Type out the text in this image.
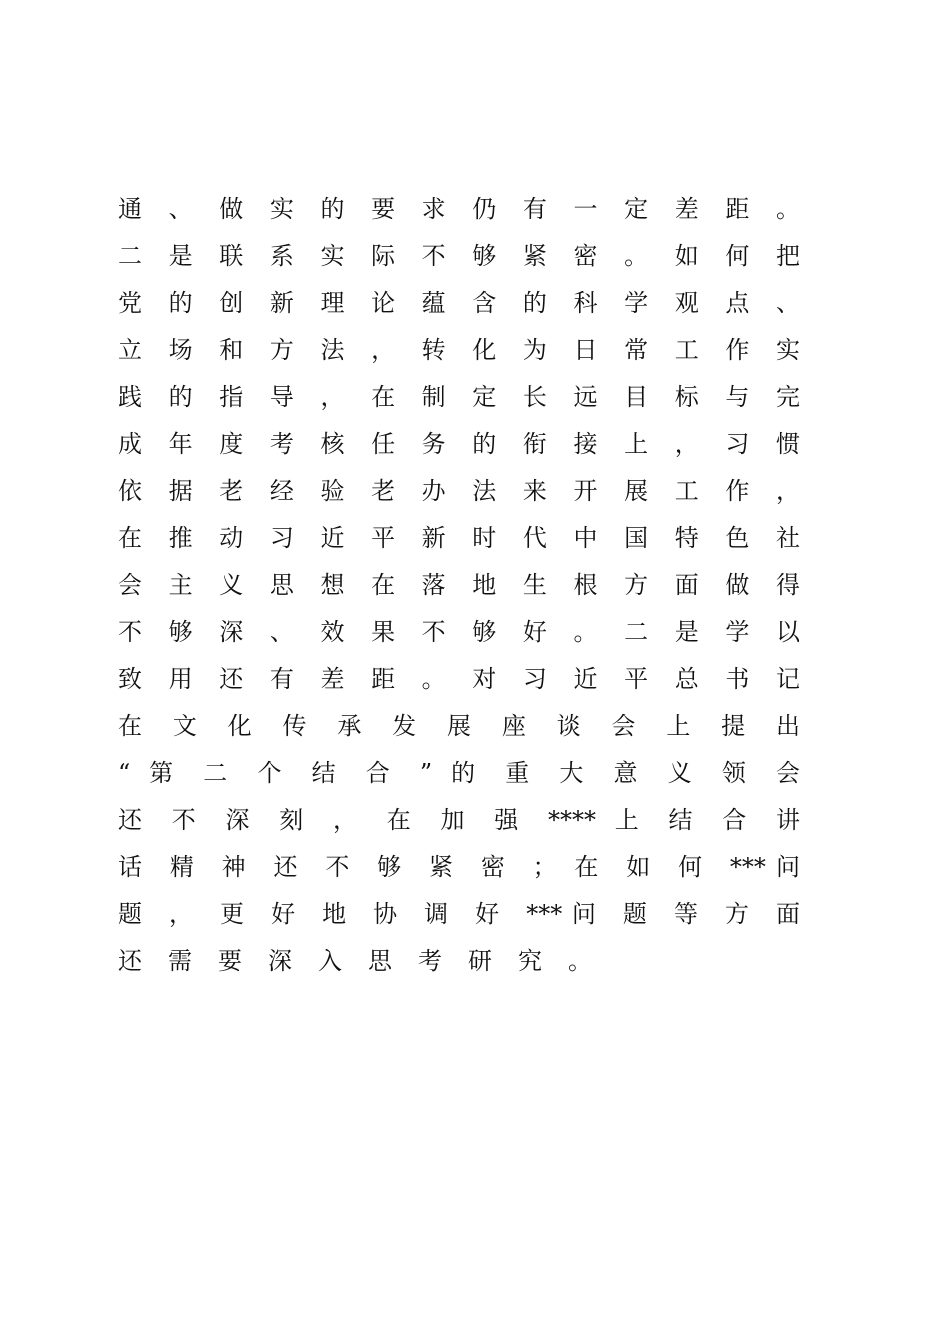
通 、 做 实 的 要 求 仍 有 一 定 差 距 。
二 是 联 系 实 际 不 够 紧 密 。 如 何 把
党 的 创 新 理 论 蕴 含 的 科 学 观 点 、
立 场 和 方 法 ， 转 化 为 日 常 工 作 实
践 的 指 导 ， 在 制 定 长 远 目 标 与 完
成 年 度 考 核 任 务 的 衔 接 上 ， 习 惯
依 据 老 经 验 老 办 法 来 开 展 工 作 ，
在 推 动 习 近 平 新 时 代 中 国 特 色 社
会 主 义 思 想 在 落 地 生 根 方 面 做 得
不 够 深 、 效 果 不 够 好 。 二 是 学 以
致 用 还 有 差 距 。 对 习 近 平 总 书 记
在 文 化 传 承 发 展 座 谈 会 上 提 出
“ 第 二 个 结 合 ” 的 重 大 意 义 领 会
还 不 深 刻 ， 在 加 强 **** 上 结 合 讲
话 精 神 还 不 够 紧 密 ； 在 如 何 ***问
题 ， 更 好 地 协 调 好 ***问 题 等 方 面
还需要深入思考研究。
